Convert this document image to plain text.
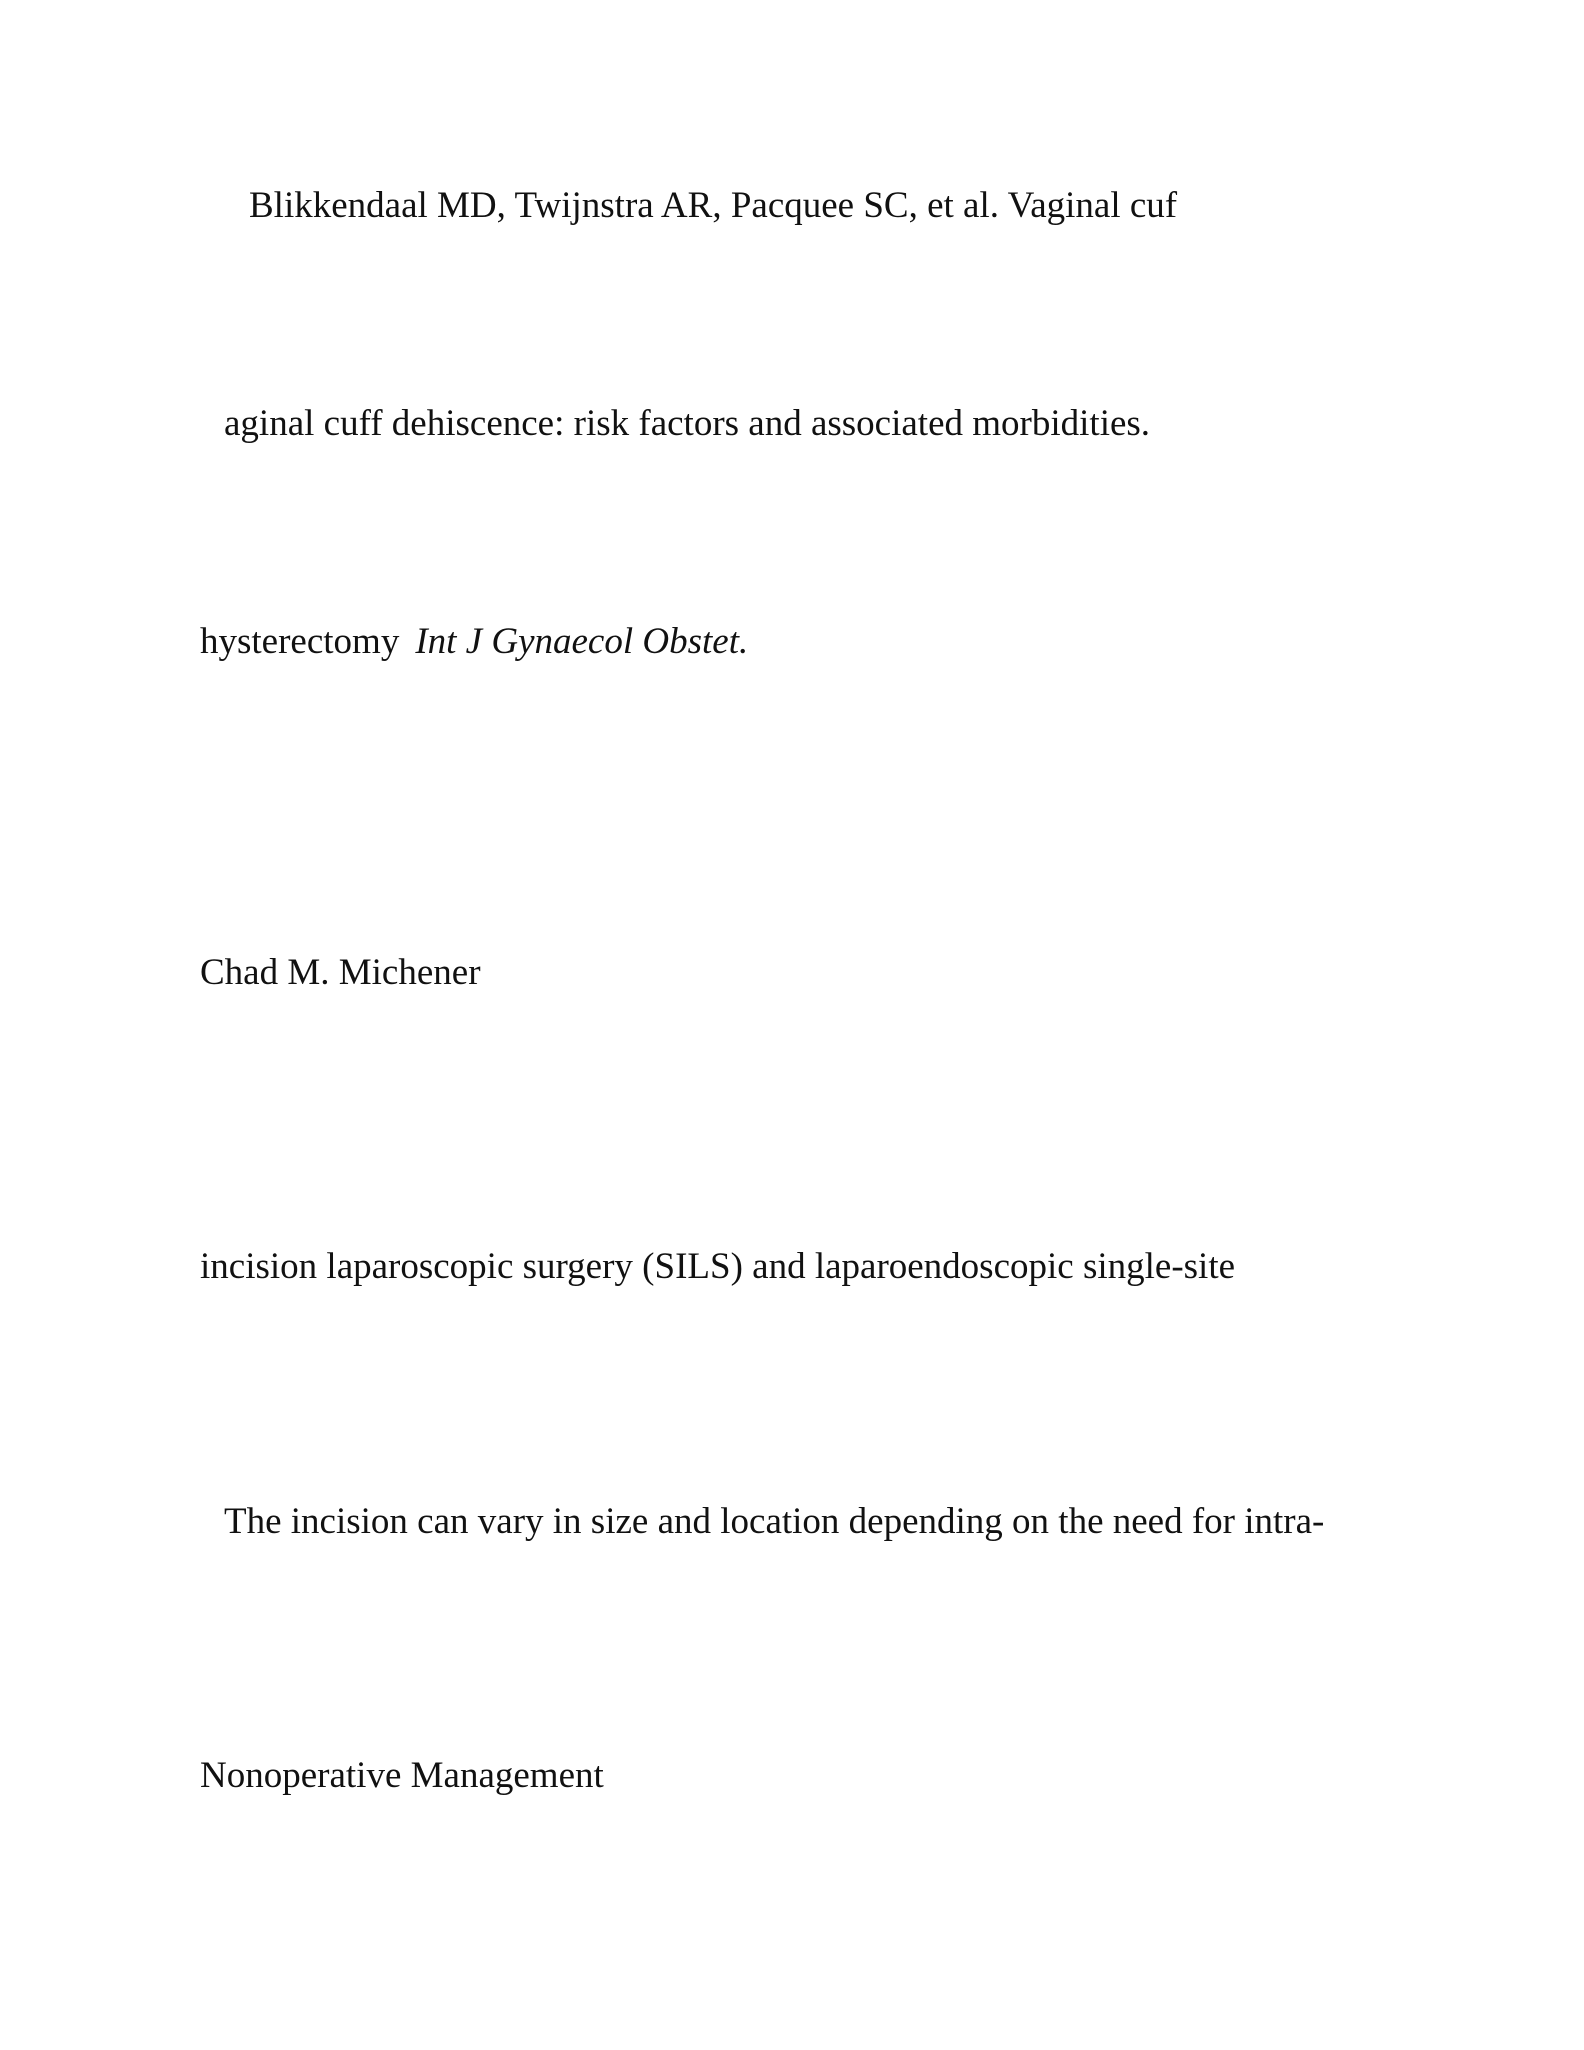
Blikkendaal MD, Twijnstra AR, Pacquee SC, et al. Vaginal cuf

aginal cuff dehiscence: risk factors and associated morbidities.

hysterectomy Int J Gynaecol Obstet.

Chad M. Michener

incision laparoscopic surgery (SILS) and laparoendoscopic single-site

The incision can vary in size and location depending on the need for intra-

Nonoperative Management
